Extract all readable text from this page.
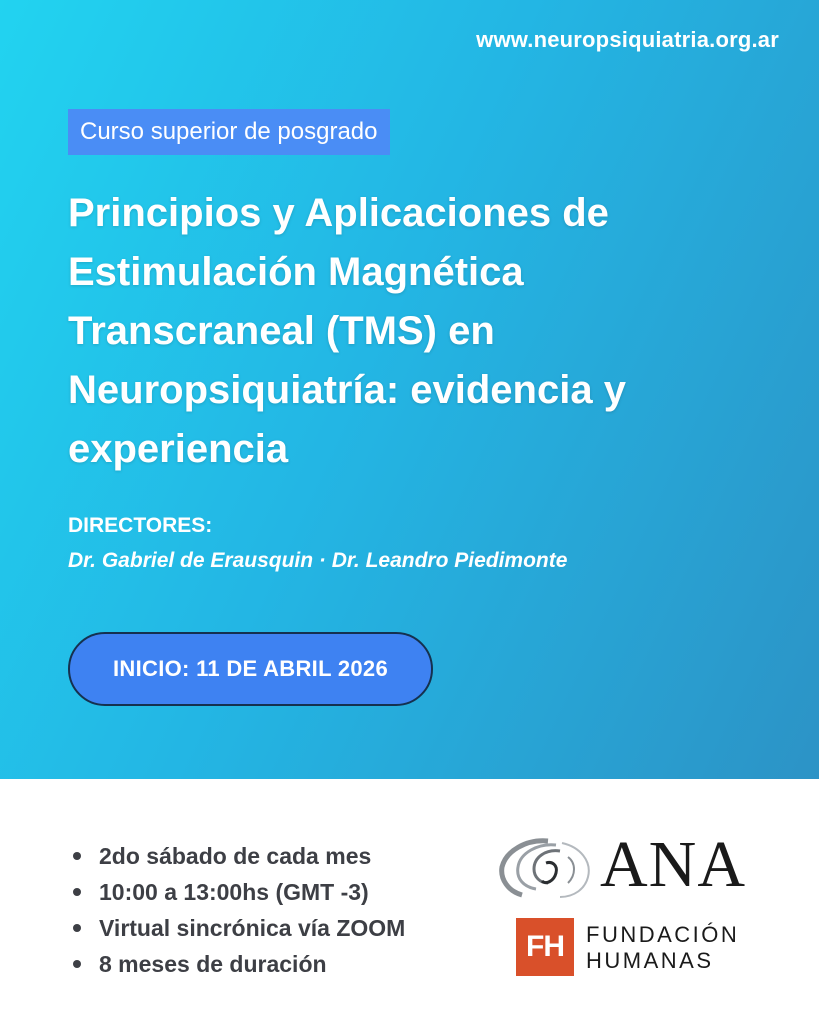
www.neuropsiquiatria.org.ar
Curso superior de posgrado
Principios y Aplicaciones de
Estimulación Magnética
Transcraneal (TMS) en
Neuropsiquiatría: evidencia y
experiencia
DIRECTORES:
Dr. Gabriel de Erausquin · Dr. Leandro Piedimonte
INICIO: 11 DE ABRIL 2026
2do sábado de cada mes
10:00 a 13:00hs (GMT -3)
Virtual sincrónica vía ZOOM
8 meses de duración
ANA
FH	FUNDACIÓN
HUMANAS
